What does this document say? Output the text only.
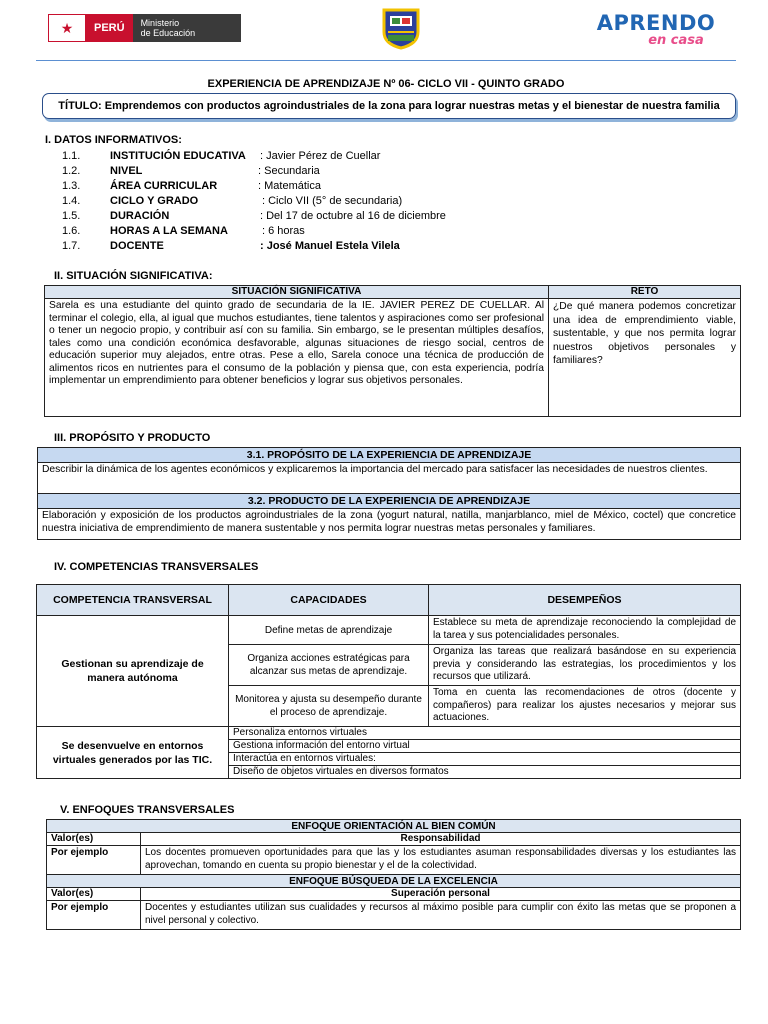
★	PERÚ	Ministerio
de Educación	APRENDO
en casa
EXPERIENCIA DE APRENDIZAJE Nº 06- CICLO VII - QUINTO GRADO
TÍTULO: Emprendemos con productos agroindustriales de la zona para lograr nuestras metas y el bienestar de nuestra familia
I. DATOS INFORMATIVOS:
1.1.	INSTITUCIÓN EDUCATIVA : Javier Pérez de Cuellar
1.2.	NIVEL	: Secundaria
1.3.	ÁREA CURRICULAR	: Matemática
1.4.	CICLO Y GRADO	: Ciclo VII (5° de secundaria)
1.5.	DURACIÓN	: Del 17 de octubre al 16 de diciembre
1.6.	HORAS A LA SEMANA	: 6 horas
1.7.	DOCENTE	: José Manuel Estela Vilela
II. SITUACIÓN SIGNIFICATIVA:
SITUACIÓN SIGNIFICATIVA	RETO
Sarela es una estudiante del quinto grado de secundaria de la IE. JAVIER PEREZ DE CUELLAR. Al terminar el colegio, ella, al igual que muchos estudiantes, tiene talentos y aspiraciones como ser profesional o tener un negocio propio, y contribuir así con su familia. Sin embargo, se le presentan múltiples desafíos, tales como una condición económica desfavorable, algunas situaciones de riesgo social, centros de educación superior muy alejados, entre otras. Pese a ello, Sarela conoce una técnica de producción de alimentos ricos en nutrientes para el consumo de la población y piensa que, con esta experiencia, podría implementar un emprendimiento para obtener beneficios y lograr sus objetivos personales.	¿De qué manera podemos concretizar una idea de emprendimiento viable, sustentable, y que nos permita lograr nuestros objetivos personales y familiares?
III. PROPÓSITO Y PRODUCTO
3.1. PROPÓSITO DE LA EXPERIENCIA DE APRENDIZAJE
Describir la dinámica de los agentes económicos y explicaremos la importancia del mercado para satisfacer las necesidades de nuestros clientes.
3.2. PRODUCTO DE LA EXPERIENCIA DE APRENDIZAJE
Elaboración y exposición de los productos agroindustriales de la zona (yogurt natural, natilla, manjarblanco, miel de México, coctel) que concretice nuestra iniciativa de emprendimiento de manera sustentable y nos permita lograr nuestras metas personales y familiares.
IV. COMPETENCIAS TRANSVERSALES
COMPETENCIA TRANSVERSAL	CAPACIDADES	DESEMPEÑOS
Gestionan su aprendizaje de manera autónoma	Define metas de aprendizaje	Establece su meta de aprendizaje reconociendo la complejidad de la tarea y sus potencialidades personales.
	Organiza acciones estratégicas para alcanzar sus metas de aprendizaje.	Organiza las tareas que realizará basándose en su experiencia previa y considerando las estrategias, los procedimientos y los recursos que utilizará.
	Monitorea y ajusta su desempeño durante el proceso de aprendizaje.	Toma en cuenta las recomendaciones de otros (docente y compañeros) para realizar los ajustes necesarios y mejorar sus actuaciones.
Se desenvuelve en entornos virtuales generados por las TIC.	Personaliza entornos virtuales	
	Gestiona información del entorno virtual	
	Interactúa en entornos virtuales:	
	Diseño de objetos virtuales en diversos formatos	
V. ENFOQUES TRANSVERSALES
ENFOQUE ORIENTACIÓN AL BIEN COMÚN	
Valor(es)	Responsabilidad
Por ejemplo	Los docentes promueven oportunidades para que las y los estudiantes asuman responsabilidades diversas y los estudiantes las aprovechan, tomando en cuenta su propio bienestar y el de la colectividad.
ENFOQUE BÚSQUEDA DE LA EXCELENCIA	
Valor(es)	Superación personal
Por ejemplo	Docentes y estudiantes utilizan sus cualidades y recursos al máximo posible para cumplir con éxito las metas que se proponen a nivel personal y colectivo.
